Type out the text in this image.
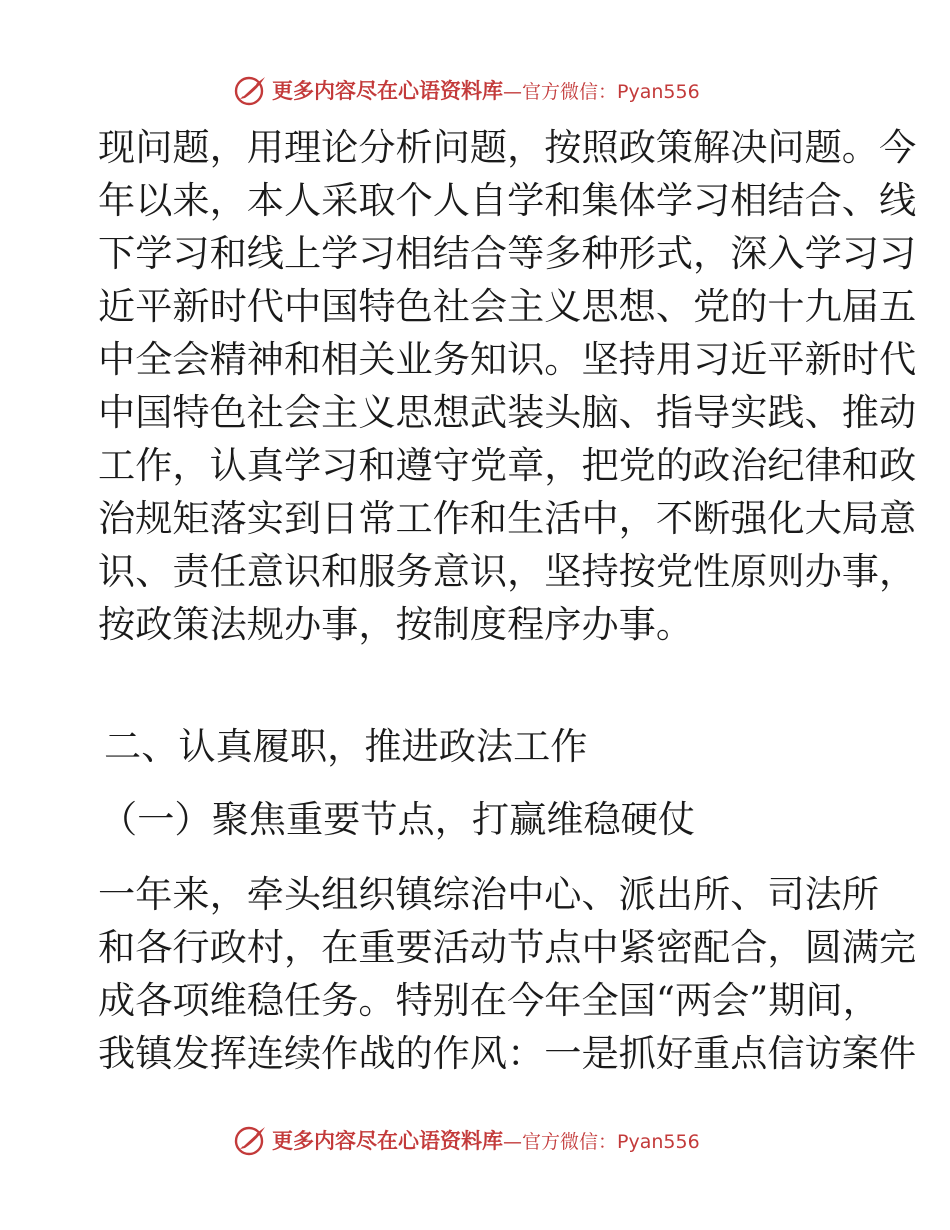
更多内容尽在心语资料库 —官方微信：Pyan556
现问题，用理论分析问题，按照政策解决问题。今
年以来，本人采取个人自学和集体学习相结合、线
下学习和线上学习相结合等多种形式，深入学习习
近平新时代中国特色社会主义思想、党的十九届五
中全会精神和相关业务知识。坚持用习近平新时代
中国特色社会主义思想武装头脑、指导实践、推动
工作，认真学习和遵守党章，把党的政治纪律和政
治规矩落实到日常工作和生活中，不断强化大局意
识、责任意识和服务意识，坚持按党性原则办事，
按政策法规办事，按制度程序办事。
二、认真履职，推进政法工作
（一）聚焦重要节点，打赢维稳硬仗
一年来，牵头组织镇综治中心、派出所、司法所
和各行政村，在重要活动节点中紧密配合，圆满完
成各项维稳任务。特别在今年全国“两会”期间，
我镇发挥连续作战的作风：一是抓好重点信访案件
更多内容尽在心语资料库 —官方微信：Pyan556
